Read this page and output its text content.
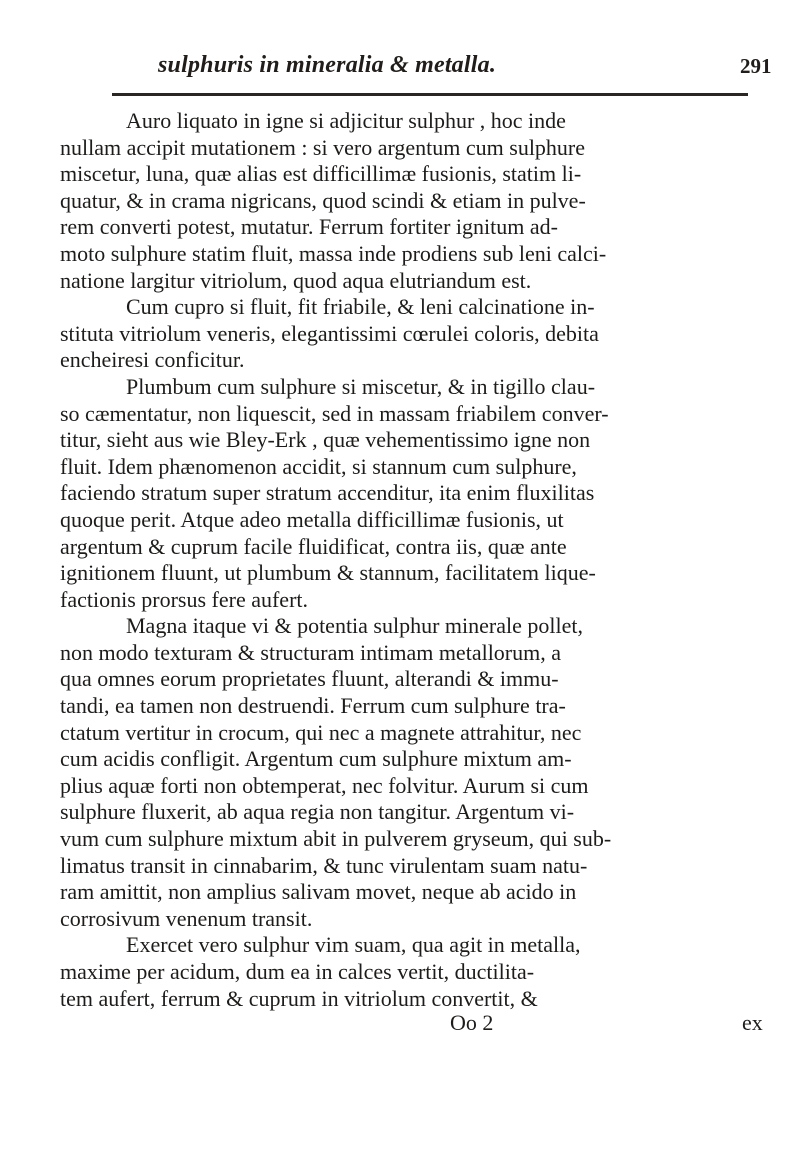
sulphuris in mineralia & metalla.	291

Auro liquato in igne si adjicitur sulphur , hoc inde
nullam accipit mutationem : si vero argentum cum sulphure
miscetur, luna, quæ alias est difficillimæ fusionis, statim li-
quatur, & in crama nigricans, quod scindi & etiam in pulve-
rem converti potest, mutatur. Ferrum fortiter ignitum ad-
moto sulphure statim fluit, massa inde prodiens sub leni calci-
natione largitur vitriolum, quod aqua elutriandum est.

Cum cupro si fluit, fit friabile, & leni calcinatione in-
stituta vitriolum veneris, elegantissimi cœrulei coloris, debita
encheiresi conficitur.

Plumbum cum sulphure si miscetur, & in tigillo clau-
so cæmentatur, non liquescit, sed in massam friabilem conver-
titur, sieht aus wie Bley-Erk , quæ vehementissimo igne non
fluit. Idem phænomenon accidit, si stannum cum sulphure,
faciendo stratum super stratum accenditur, ita enim fluxilitas
quoque perit. Atque adeo metalla difficillimæ fusionis, ut
argentum & cuprum facile fluidificat, contra iis, quæ ante
ignitionem fluunt, ut plumbum & stannum, facilitatem lique-
factionis prorsus fere aufert.

Magna itaque vi & potentia sulphur minerale pollet,
non modo texturam & structuram intimam metallorum, a
qua omnes eorum proprietates fluunt, alterandi & immu-
tandi, ea tamen non destruendi. Ferrum cum sulphure tra-
ctatum vertitur in crocum, qui nec a magnete attrahitur, nec
cum acidis confligit. Argentum cum sulphure mixtum am-
plius aquæ forti non obtemperat, nec folvitur. Aurum si cum
sulphure fluxerit, ab aqua regia non tangitur. Argentum vi-
vum cum sulphure mixtum abit in pulverem gryseum, qui sub-
limatus transit in cinnabarim, & tunc virulentam suam natu-
ram amittit, non amplius salivam movet, neque ab acido in
corrosivum venenum transit.

Exercet vero sulphur vim suam, qua agit in metalla,
maxime per acidum, dum ea in calces vertit, ductilita-
tem aufert, ferrum & cuprum in vitriolum convertit, &

Oo 2	ex
